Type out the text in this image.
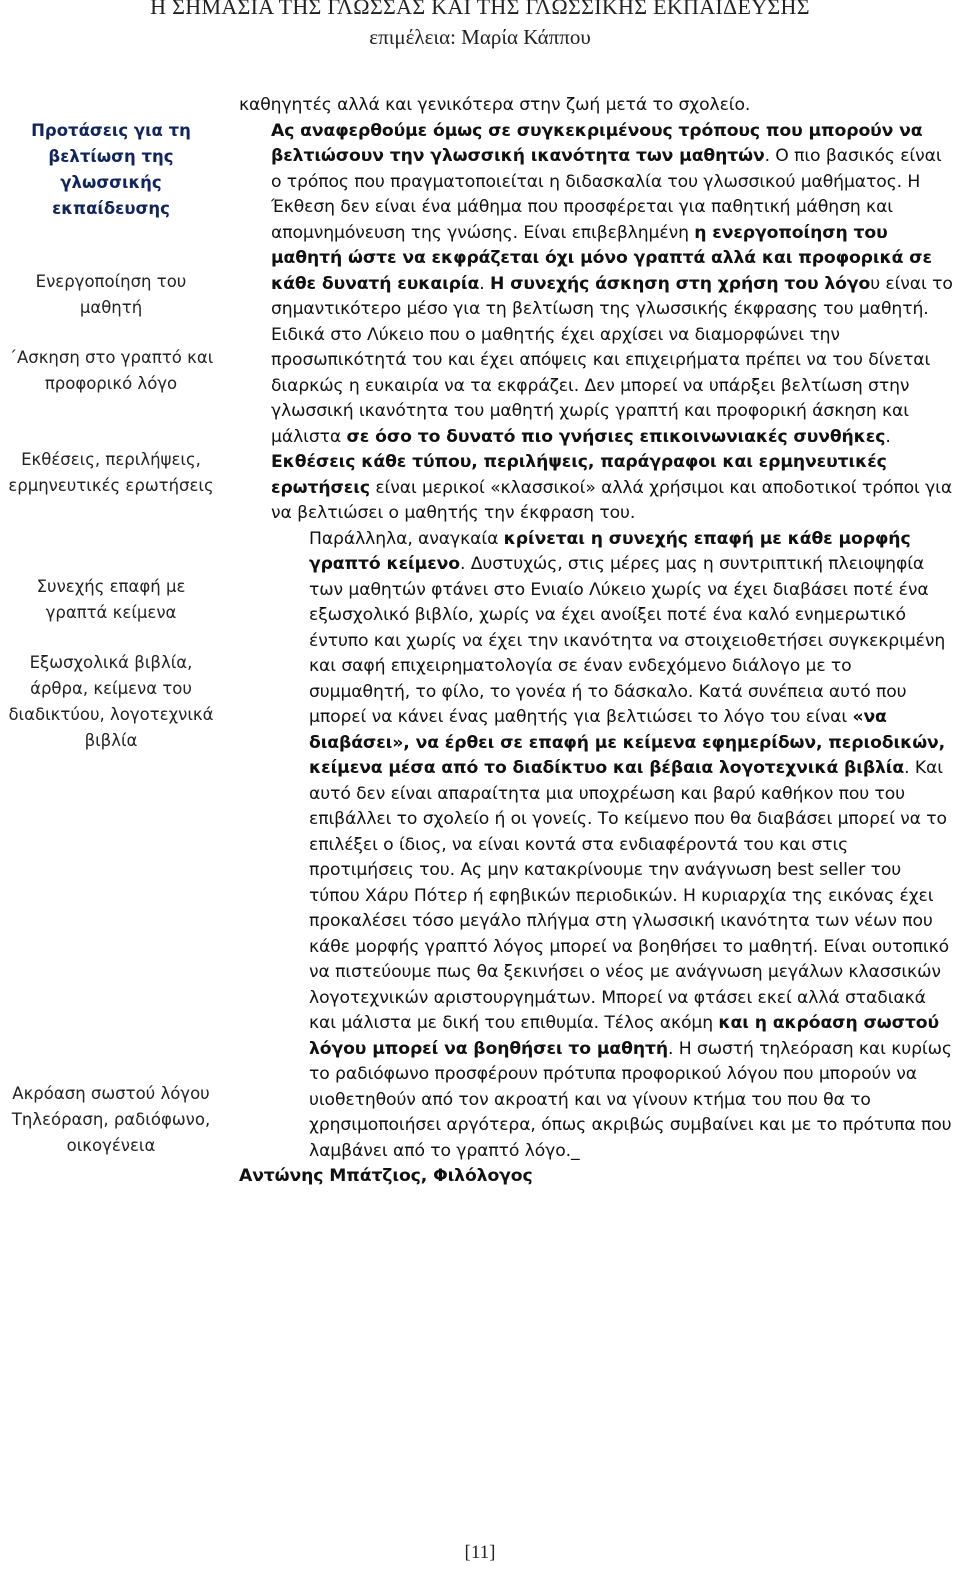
Η ΣΗΜΑΣΙΑ ΤΗΣ ΓΛΩΣΣΑΣ ΚΑΙ ΤΗΣ ΓΛΩΣΣΙΚΗΣ ΕΚΠΑΙΔΕΥΣΗΣ
επιμέλεια: Μαρία Κάππου
Προτάσεις για τη
βελτίωση της
γλωσσικής
εκπαίδευσης
Ενεργοποίηση του
μαθητή
΄Ασκηση στο γραπτό και
προφορικό λόγο
Εκθέσεις, περιλήψεις,
ερμηνευτικές ερωτήσεις
Συνεχής επαφή με
γραπτά κείμενα
Εξωσχολικά βιβλία,
άρθρα, κείμενα του
διαδικτύου, λογοτεχνικά
βιβλία
Ακρόαση σωστού λόγου
Τηλεόραση, ραδιόφωνο,
οικογένεια

καθηγητές αλλά και γενικότερα στην ζωή μετά το σχολείο.

Ας αναφερθούμε όμως σε συγκεκριμένους τρόπους που μπορούν να βελτιώσουν την γλωσσική ικανότητα των μαθητών. Ο πιο βασικός είναι ο τρόπος που πραγματοποιείται η διδασκαλία του γλωσσικού μαθήματος. Η Έκθεση δεν είναι ένα μάθημα που προσφέρεται για παθητική μάθηση και απομνημόνευση της γνώσης. Είναι επιβεβλημένη η ενεργοποίηση του μαθητή ώστε να εκφράζεται όχι μόνο γραπτά αλλά και προφορικά σε κάθε δυνατή ευκαιρία. Η συνεχής άσκηση στη χρήση του λόγου είναι το σημαντικότερο μέσο για τη βελτίωση της γλωσσικής έκφρασης του μαθητή. Ειδικά στο Λύκειο που ο μαθητής έχει αρχίσει να διαμορφώνει την προσωπικότητά του και έχει απόψεις και επιχειρήματα πρέπει να του δίνεται διαρκώς η ευκαιρία να τα εκφράζει. Δεν μπορεί να υπάρξει βελτίωση στην γλωσσική ικανότητα του μαθητή χωρίς γραπτή και προφορική άσκηση και μάλιστα σε όσο το δυνατό πιο γνήσιες επικοινωνιακές συνθήκες. Εκθέσεις κάθε τύπου, περιλήψεις, παράγραφοι και ερμηνευτικές ερωτήσεις είναι μερικοί «κλασσικοί» αλλά χρήσιμοι και αποδοτικοί τρόποι για να βελτιώσει ο μαθητής την έκφραση του.

Παράλληλα, αναγκαία κρίνεται η συνεχής επαφή με κάθε μορφής γραπτό κείμενο. Δυστυχώς, στις μέρες μας η συντριπτική πλειοψηφία των μαθητών φτάνει στο Ενιαίο Λύκειο χωρίς να έχει διαβάσει ποτέ ένα εξωσχολικό βιβλίο, χωρίς να έχει ανοίξει ποτέ ένα καλό ενημερωτικό έντυπο και χωρίς να έχει την ικανότητα να στοιχειοθετήσει συγκεκριμένη και σαφή επιχειρηματολογία σε έναν ενδεχόμενο διάλογο με το συμμαθητή, το φίλο, το γονέα ή το δάσκαλο. Κατά συνέπεια αυτό που μπορεί να κάνει ένας μαθητής για βελτιώσει το λόγο του είναι «να διαβάσει», να έρθει σε επαφή με κείμενα εφημερίδων, περιοδικών, κείμενα μέσα από το διαδίκτυο και βέβαια λογοτεχνικά βιβλία. Και αυτό δεν είναι απαραίτητα μια υποχρέωση και βαρύ καθήκον που του επιβάλλει το σχολείο ή οι γονείς. Το κείμενο που θα διαβάσει μπορεί να το επιλέξει ο ίδιος, να είναι κοντά στα ενδιαφέροντά του και στις προτιμήσεις του. Ας μην κατακρίνουμε την ανάγνωση best seller του τύπου Χάρυ Πότερ ή εφηβικών περιοδικών. Η κυριαρχία της εικόνας έχει προκαλέσει τόσο μεγάλο πλήγμα στη γλωσσική ικανότητα των νέων που κάθε μορφής γραπτό λόγος μπορεί να βοηθήσει το μαθητή. Είναι ουτοπικό να πιστεύουμε πως θα ξεκινήσει ο νέος με ανάγνωση μεγάλων κλασσικών λογοτεχνικών αριστουργημάτων. Μπορεί να φτάσει εκεί αλλά σταδιακά και μάλιστα με δική του επιθυμία. Τέλος ακόμη και η ακρόαση σωστού λόγου μπορεί να βοηθήσει το μαθητή. Η σωστή τηλεόραση και κυρίως το ραδιόφωνο προσφέρουν πρότυπα προφορικού λόγου που μπορούν να υιοθετηθούν από τον ακροατή και να γίνουν κτήμα του που θα το χρησιμοποιήσει αργότερα, όπως ακριβώς συμβαίνει και με το πρότυπα που λαμβάνει από το γραπτό λόγο._

Αντώνης Μπάτζιος, Φιλόλογος

[11]
